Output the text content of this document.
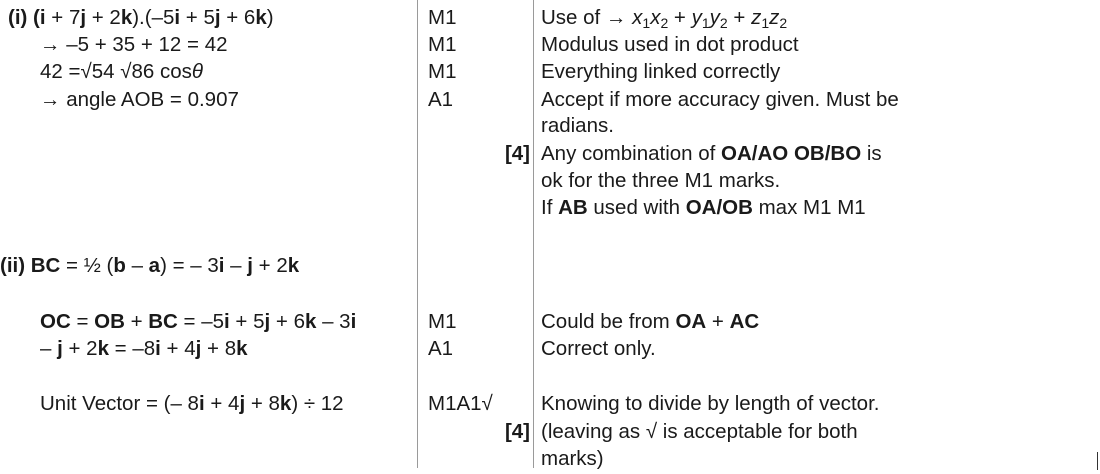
(i) (i + 7j + 2k).(–5i + 5j + 6k)
→ –5 + 35 + 12 = 42
42 =√54 √86 cosθ
→ angle AOB = 0.907
(ii) BC = ½ (b – a) = – 3i – j + 2k
OC = OB + BC = –5i + 5j + 6k – 3i
– j + 2k = –8i + 4j + 8k
Unit Vector = (– 8i + 4j + 8k) ÷ 12
M1
M1
M1
A1
M1
A1
M1A1√
[4]
[4]
Use of → $x_1x_2 + y_1y_2 + z_1z_2$
Modulus used in dot product
Everything linked correctly
Accept if more accuracy given. Must be
radians.
Any combination of OA/AO OB/BO is
ok for the three M1 marks.
If AB used with OA/OB max M1 M1
Could be from OA + AC
Correct only.
Knowing to divide by length of vector.
(leaving as √ is acceptable for both
marks)
